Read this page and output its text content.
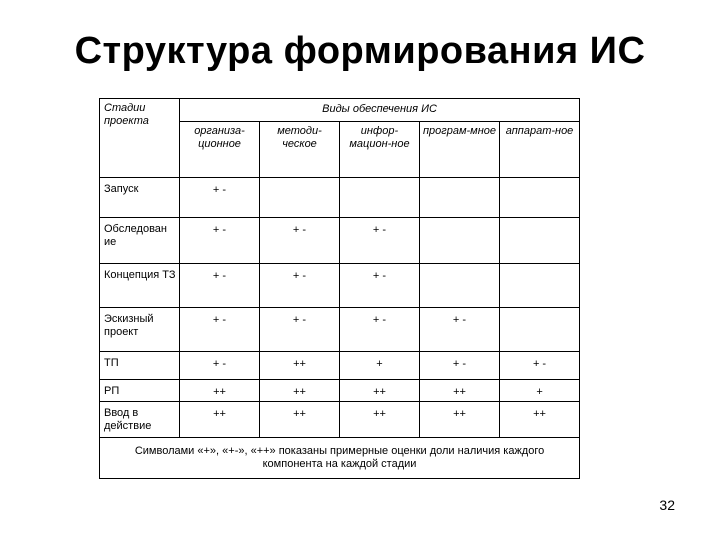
Структура формирования ИС
Стадии проекта	Виды обеспечения ИС				
	организа-ционное	методи-ческое	инфор-мацион-ное	програм-мное	аппарат-ное
Запуск	+ -				
Обследован ие	+ -	+ -	+ -		
Концепция ТЗ	+ -	+ -	+ -		
Эскизный проект	+ -	+ -	+ -	+ -	
ТП	+ -	++	+	+ -	+ -
РП	++	++	++	++	+
Ввод в действие	++	++	++	++	++
Символами «+», «+-», «++» показаны примерные оценки доли наличия каждого компонента на каждой стадии					
32
